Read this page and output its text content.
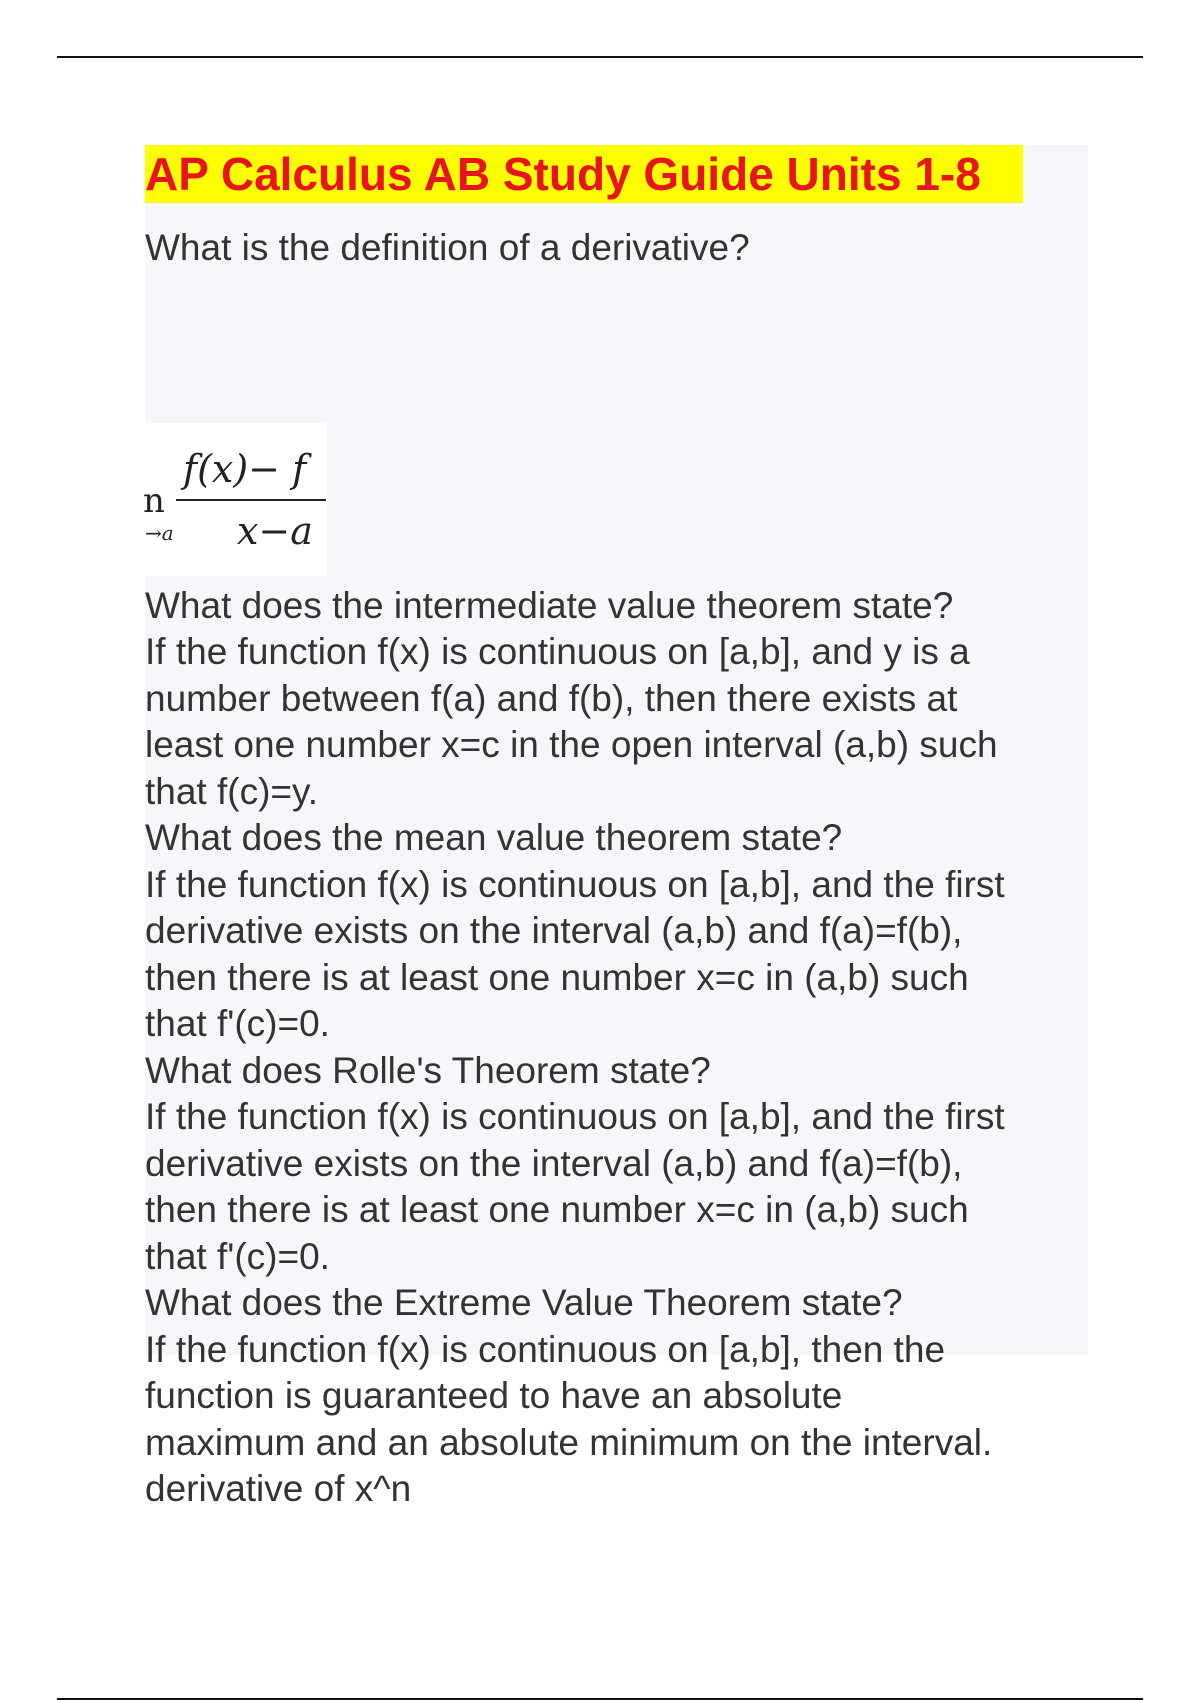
AP Calculus AB Study Guide Units 1-8
n
→a
f(x)− f
x−a
What is the definition of a derivative?
What does the intermediate value theorem state?
If the function f(x) is continuous on [a,b], and y is a
number between f(a) and f(b), then there exists at
least one number x=c in the open interval (a,b) such
that f(c)=y.
What does the mean value theorem state?
If the function f(x) is continuous on [a,b], and the first
derivative exists on the interval (a,b) and f(a)=f(b),
then there is at least one number x=c in (a,b) such
that f'(c)=0.
What does Rolle's Theorem state?
If the function f(x) is continuous on [a,b], and the first
derivative exists on the interval (a,b) and f(a)=f(b),
then there is at least one number x=c in (a,b) such
that f'(c)=0.
What does the Extreme Value Theorem state?
If the function f(x) is continuous on [a,b], then the
function is guaranteed to have an absolute
maximum and an absolute minimum on the interval.
derivative of x^n
